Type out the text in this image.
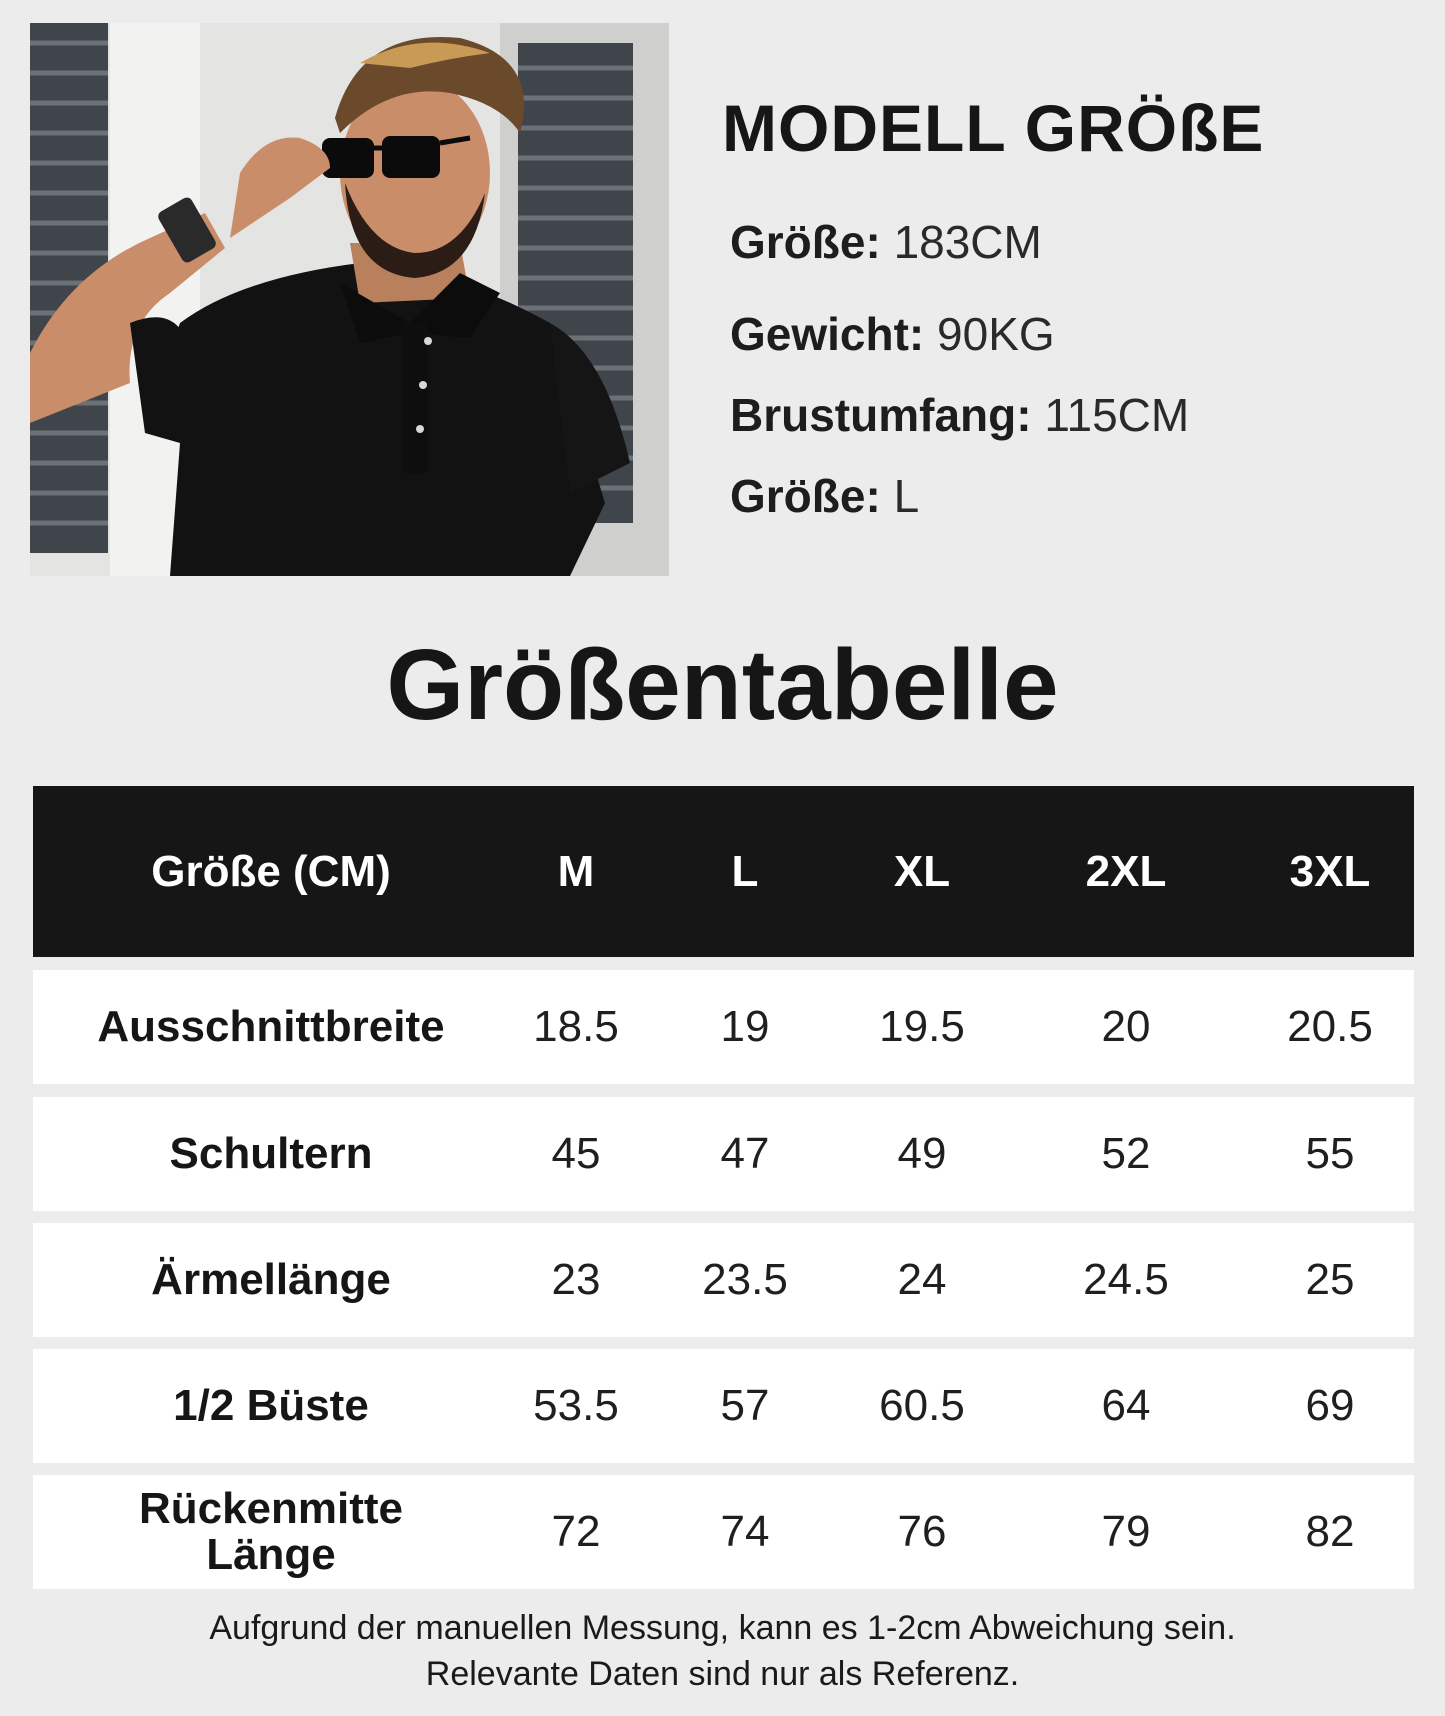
MODELL GRÖßE
Größe: 183CM
Gewicht: 90KG
Brustumfang: 115CM
Größe: L
Größentabelle
Größe (CM)	M	L	XL	2XL	3XL
Ausschnittbreite	18.5	19	19.5	20	20.5
Schultern	45	47	49	52	55
Ärmellänge	23	23.5	24	24.5	25
1/2 Büste	53.5	57	60.5	64	69
Rückenmitte
Länge	72	74	76	79	82
Aufgrund der manuellen Messung, kann es 1-2cm Abweichung sein.
Relevante Daten sind nur als Referenz.
